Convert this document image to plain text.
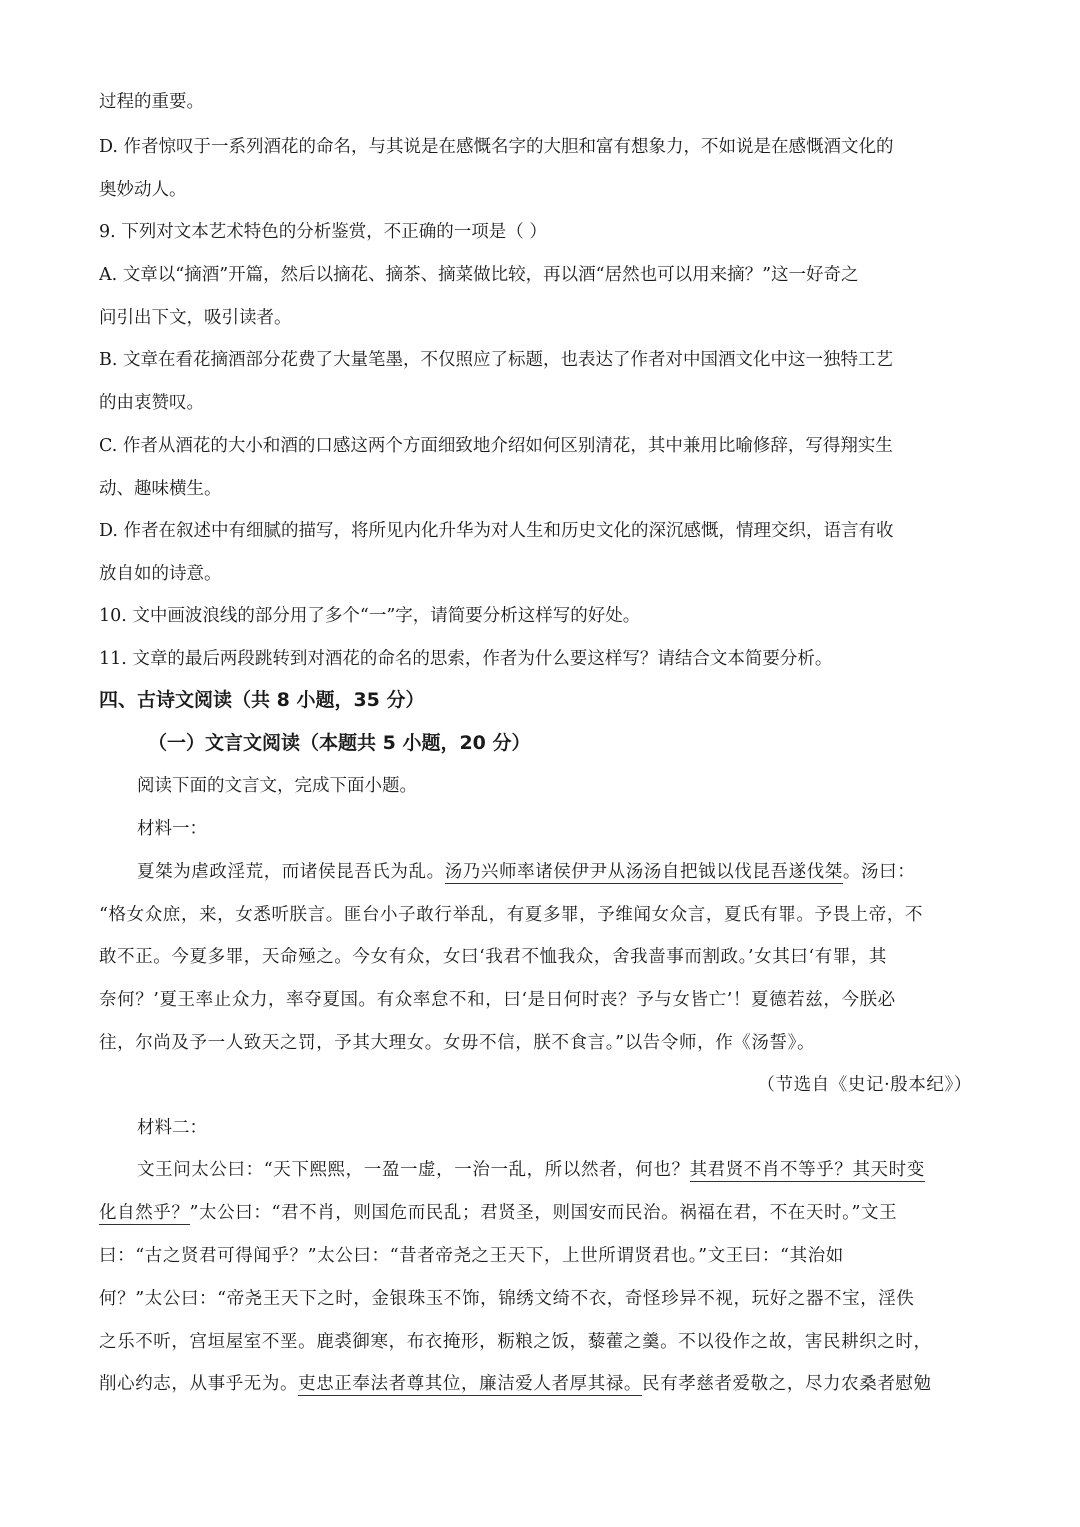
过程的重要。
D. 作者惊叹于一系列酒花的命名，与其说是在感慨名字的大胆和富有想象力，不如说是在感慨酒文化的
奥妙动人。
9. 下列对文本艺术特色的分析鉴赏，不正确的一项是（ ）
A. 文章以“摘酒”开篇，然后以摘花、摘茶、摘菜做比较，再以酒“居然也可以用来摘？”这一好奇之
问引出下文，吸引读者。
B. 文章在看花摘酒部分花费了大量笔墨，不仅照应了标题，也表达了作者对中国酒文化中这一独特工艺
的由衷赞叹。
C. 作者从酒花的大小和酒的口感这两个方面细致地介绍如何区别清花，其中兼用比喻修辞，写得翔实生
动、趣味横生。
D. 作者在叙述中有细腻的描写，将所见内化升华为对人生和历史文化的深沉感慨，情理交织，语言有收
放自如的诗意。
10. 文中画波浪线的部分用了多个“一”字，请简要分析这样写的好处。
11. 文章的最后两段跳转到对酒花的命名的思索，作者为什么要这样写？请结合文本简要分析。
四、古诗文阅读（共 8 小题，35 分）
（一）文言文阅读（本题共 5 小题，20 分）
阅读下面的文言文，完成下面小题。
材料一：
夏桀为虐政淫荒，而诸侯昆吾氏为乱。汤乃兴师率诸侯伊尹从汤汤自把钺以伐昆吾遂伐桀。汤曰：
“格女众庶，来，女悉听朕言。匪台小子敢行举乱，有夏多罪，予维闻女众言，夏氏有罪。予畏上帝，不
敢不正。今夏多罪，天命殛之。今女有众，女曰‘我君不恤我众，舍我啬事而割政。’女其曰‘有罪，其
奈何？’夏王率止众力，率夺夏国。有众率怠不和，曰‘是日何时丧？予与女皆亡’！夏德若兹，今朕必
往，尔尚及予一人致天之罚，予其大理女。女毋不信，朕不食言。”以告令师，作《汤誓》。
（节选自《史记·殷本纪》）
材料二：
文王问太公曰：“天下熙熙，一盈一虚，一治一乱，所以然者，何也？其君贤不肖不等乎？其天时变
化自然乎？”太公曰：“君不肖，则国危而民乱；君贤圣，则国安而民治。祸福在君，不在天时。”文王
曰：“古之贤君可得闻乎？”太公曰：“昔者帝尧之王天下，上世所谓贤君也。”文王曰：“其治如
何？”太公曰：“帝尧王天下之时，金银珠玉不饰，锦绣文绮不衣，奇怪珍异不视，玩好之器不宝，淫佚
之乐不听，宫垣屋室不垩。鹿裘御寒，布衣掩形，粝粮之饭，藜藿之羹。不以役作之故，害民耕织之时，
削心约志，从事乎无为。吏忠正奉法者尊其位，廉洁爱人者厚其禄。民有孝慈者爱敬之，尽力农桑者慰勉
